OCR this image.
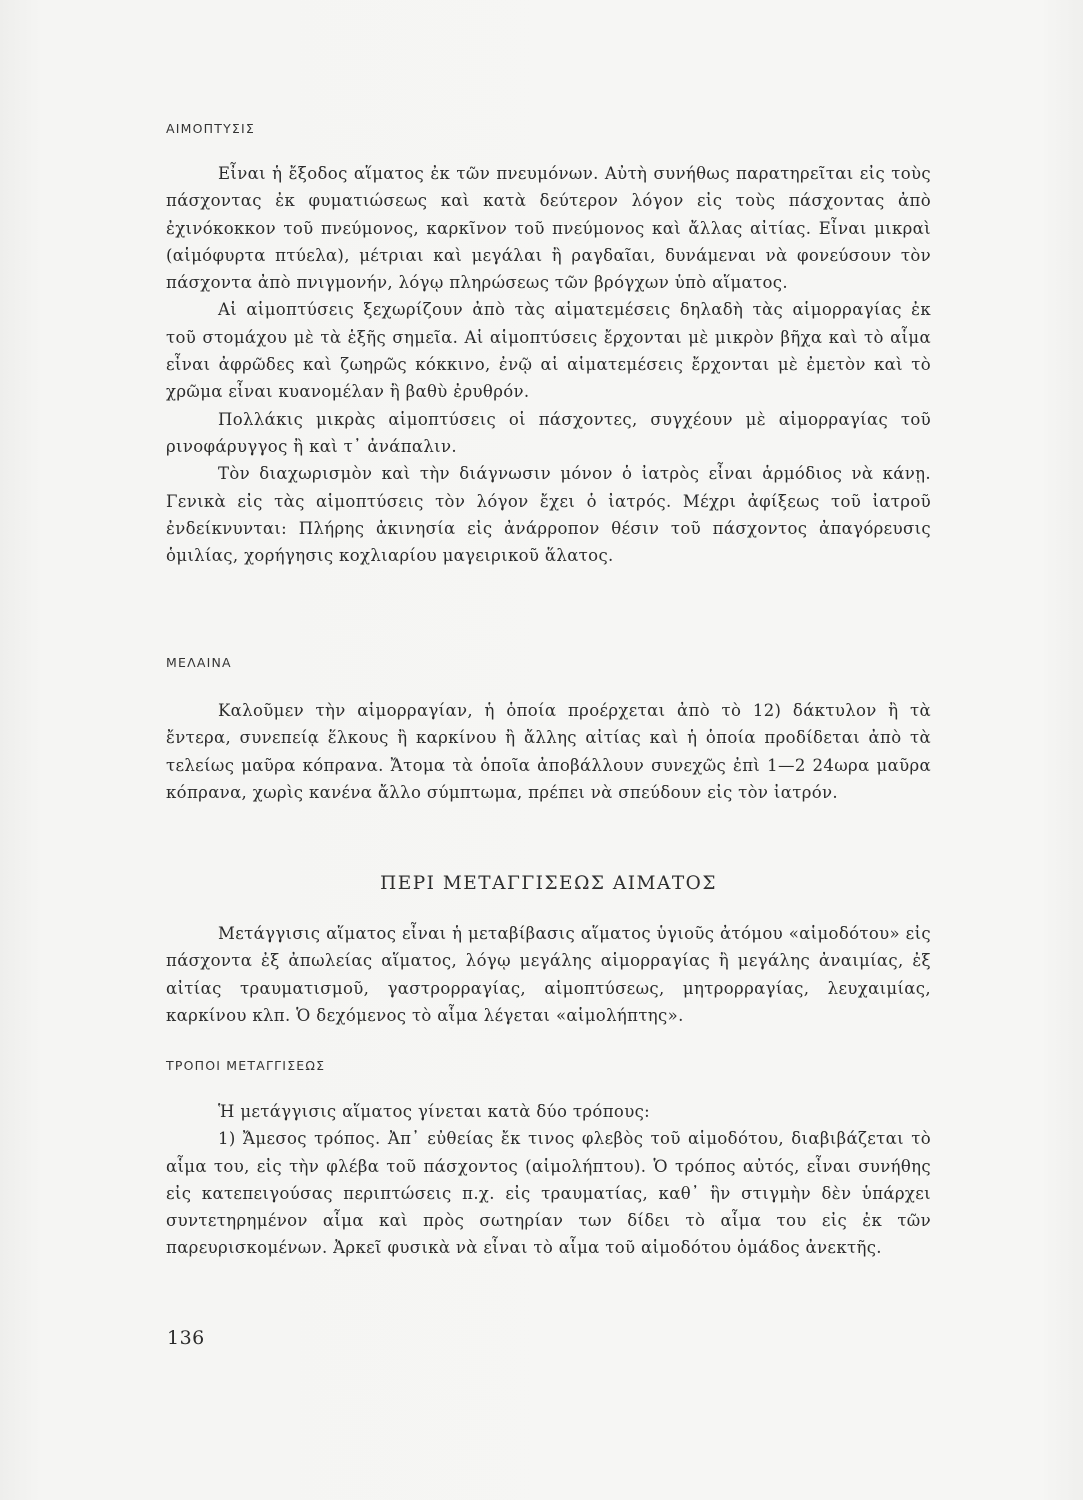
ΑΙΜΟΠΤΥΣΙΣ

Εἶναι ἡ ἔξοδος αἵματος ἐκ τῶν πνευμόνων. Αὐτὴ συνήθως παρατηρεῖται εἰς τοὺς πάσχοντας ἐκ φυματιώσεως καὶ κατὰ δεύτερον λόγον εἰς τοὺς πάσχοντας ἀπὸ ἐχινόκοκκον τοῦ πνεύμονος, καρκῖνον τοῦ πνεύμονος καὶ ἄλλας αἰτίας. Εἶναι μικραὶ (αἱμόφυρτα πτύελα), μέτριαι καὶ μεγάλαι ἢ ραγδαῖαι, δυνάμεναι νὰ φονεύσουν τὸν πάσχοντα ἀπὸ πνιγμονήν, λόγῳ πληρώσεως τῶν βρόγχων ὑπὸ αἵματος.

Αἱ αἱμοπτύσεις ξεχωρίζουν ἀπὸ τὰς αἱματεμέσεις δηλαδὴ τὰς αἱμορραγίας ἐκ τοῦ στομάχου μὲ τὰ ἑξῆς σημεῖα. Αἱ αἱμοπτύσεις ἔρχονται μὲ μικρὸν βῆχα καὶ τὸ αἷμα εἶναι ἀφρῶδες καὶ ζωηρῶς κόκκινο, ἐνῷ αἱ αἱματεμέσεις ἔρχονται μὲ ἐμετὸν καὶ τὸ χρῶμα εἶναι κυανομέλαν ἢ βαθὺ ἐρυθρόν.

Πολλάκις μικρὰς αἱμοπτύσεις οἱ πάσχοντες, συγχέουν μὲ αἱμορραγίας τοῦ ρινοφάρυγγος ἢ καὶ τ᾽ ἀνάπαλιν.

Τὸν διαχωρισμὸν καὶ τὴν διάγνωσιν μόνον ὁ ἰατρὸς εἶναι ἁρμόδιος νὰ κάνῃ. Γενικὰ εἰς τὰς αἱμοπτύσεις τὸν λόγον ἔχει ὁ ἰατρός. Μέχρι ἀφίξεως τοῦ ἰατροῦ ἐνδείκνυνται: Πλήρης ἀκινησία εἰς ἀνάρροπον θέσιν τοῦ πάσχοντος ἀπαγόρευσις ὁμιλίας, χορήγησις κοχλιαρίου μαγειρικοῦ ἅλατος.

ΜΕΛΑΙΝΑ

Καλοῦμεν τὴν αἱμορραγίαν, ἡ ὁποία προέρχεται ἀπὸ τὸ 12) δάκτυλον ἢ τὰ ἔντερα, συνεπείᾳ ἕλκους ἢ καρκίνου ἢ ἄλλης αἰτίας καὶ ἡ ὁποία προδίδεται ἀπὸ τὰ τελείως μαῦρα κόπρανα. Ἄτομα τὰ ὁποῖα ἀποβάλλουν συνεχῶς ἐπὶ 1—2 24ωρα μαῦρα κόπρανα, χωρὶς κανένα ἄλλο σύμπτωμα, πρέπει νὰ σπεύδουν εἰς τὸν ἰατρόν.

ΠΕΡΙ ΜΕΤΑΓΓΙΣΕΩΣ ΑΙΜΑΤΟΣ

Μετάγγισις αἵματος εἶναι ἡ μεταβίβασις αἵματος ὑγιοῦς ἀτόμου «αἱμοδότου» εἰς πάσχοντα ἐξ ἀπωλείας αἵματος, λόγῳ μεγάλης αἱμορραγίας ἢ μεγάλης ἀναιμίας, ἐξ αἰτίας τραυματισμοῦ, γαστρορραγίας, αἱμοπτύσεως, μητρορραγίας, λευχαιμίας, καρκίνου κλπ. Ὁ δεχόμενος τὸ αἷμα λέγεται «αἱμολήπτης».

ΤΡΟΠΟΙ ΜΕΤΑΓΓΙΣΕΩΣ

Ἡ μετάγγισις αἵματος γίνεται κατὰ δύο τρόπους:

1) Ἄμεσος τρόπος. Ἀπ᾽ εὐθείας ἔκ τινος φλεβὸς τοῦ αἱμοδότου, διαβιβάζεται τὸ αἷμα του, εἰς τὴν φλέβα τοῦ πάσχοντος (αἱμολήπτου). Ὁ τρόπος αὐτός, εἶναι συνήθης εἰς κατεπειγούσας περιπτώσεις π.χ. εἰς τραυματίας, καθ᾽ ἣν στιγμὴν δὲν ὑπάρχει συντετηρημένον αἷμα καὶ πρὸς σωτηρίαν των δίδει τὸ αἷμα του εἰς ἐκ τῶν παρευρισκομένων. Ἀρκεῖ φυσικὰ νὰ εἶναι τὸ αἷμα τοῦ αἱμοδότου ὁμάδος ἀνεκτῆς.

136
